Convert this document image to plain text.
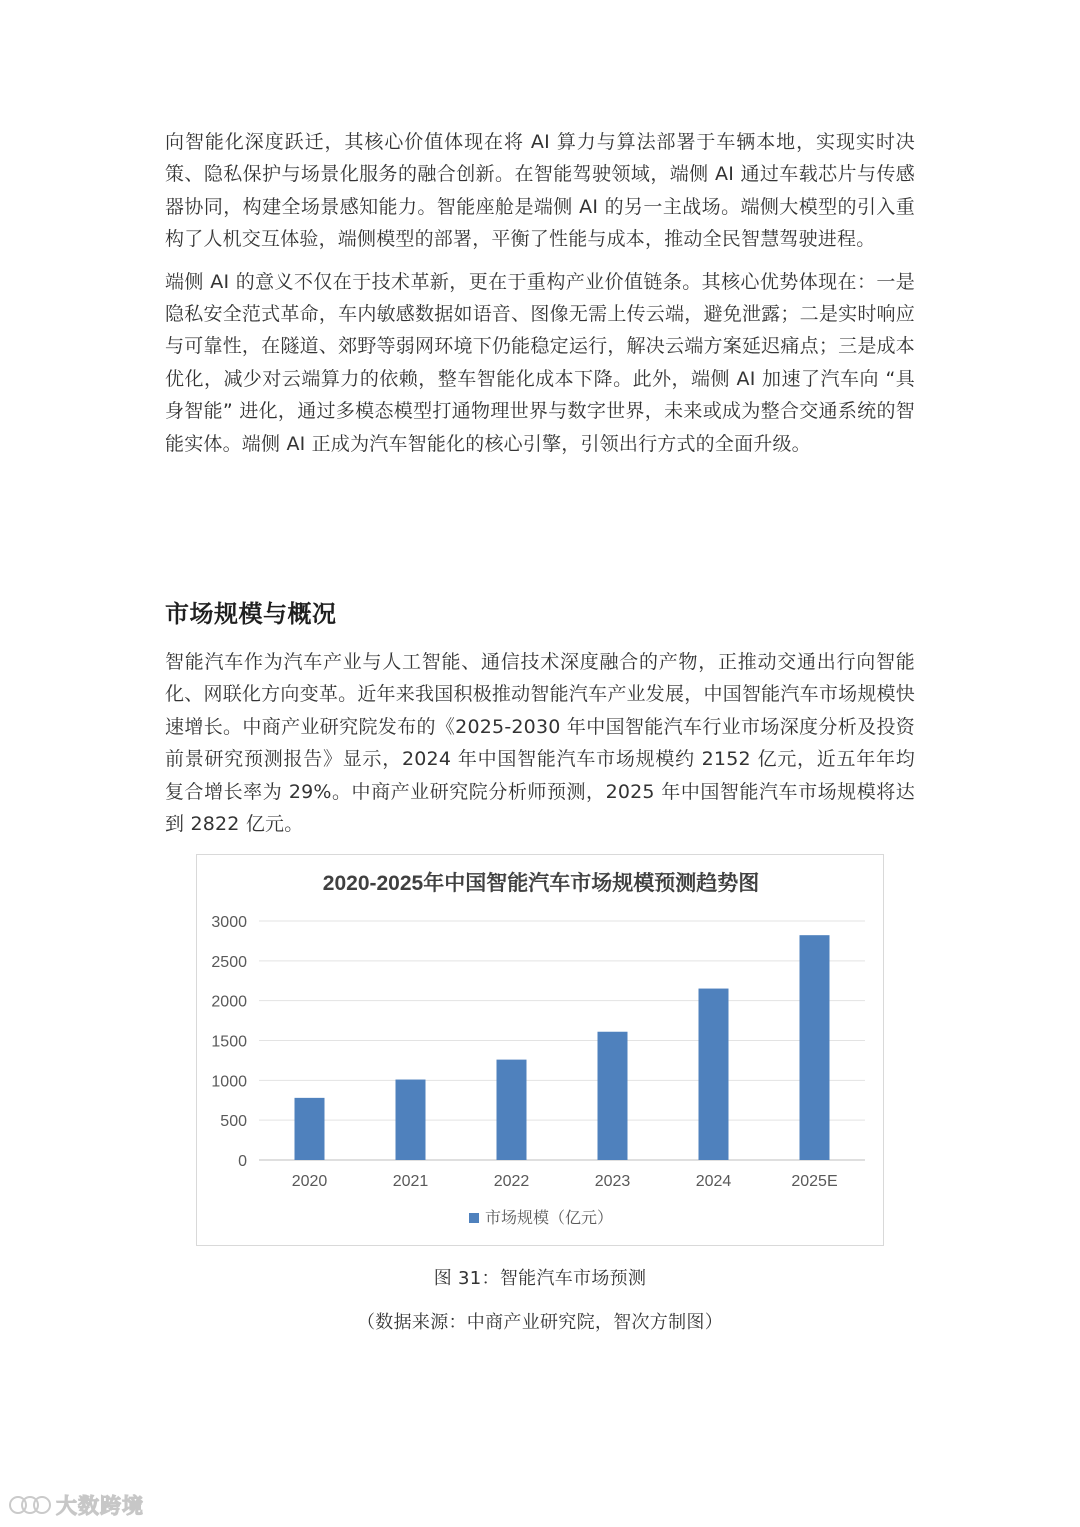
向智能化深度跃迁，其核心价值体现在将 AI 算力与算法部署于车辆本地，实现实时决策、隐私保护与场景化服务的融合创新。在智能驾驶领域，端侧 AI 通过车载芯片与传感器协同，构建全场景感知能力。智能座舱是端侧 AI 的另一主战场。端侧大模型的引入重构了人机交互体验，端侧模型的部署，平衡了性能与成本，推动全民智慧驾驶进程。

端侧 AI 的意义不仅在于技术革新，更在于重构产业价值链条。其核心优势体现在：一是隐私安全范式革命，车内敏感数据如语音、图像无需上传云端，避免泄露；二是实时响应与可靠性，在隧道、郊野等弱网环境下仍能稳定运行，解决云端方案延迟痛点；三是成本优化，减少对云端算力的依赖，整车智能化成本下降。此外，端侧 AI 加速了汽车向 “具身智能” 进化，通过多模态模型打通物理世界与数字世界，未来或成为整合交通系统的智能实体。端侧 AI 正成为汽车智能化的核心引擎，引领出行方式的全面升级。

市场规模与概况

智能汽车作为汽车产业与人工智能、通信技术深度融合的产物，正推动交通出行向智能化、网联化方向变革。近年来我国积极推动智能汽车产业发展，中国智能汽车市场规模快速增长。中商产业研究院发布的《2025-2030 年中国智能汽车行业市场深度分析及投资前景研究预测报告》显示，2024 年中国智能汽车市场规模约 2152 亿元，近五年年均复合增长率为 29%。中商产业研究院分析师预测，2025 年中国智能汽车市场规模将达到 2822 亿元。

2020-2025年中国智能汽车市场规模预测趋势图
0
500
1000
1500
2000
2500
3000
2020	2021	2022	2023	2024	2025E
市场规模（亿元）

图 31：智能汽车市场预测

（数据来源：中商产业研究院，智次方制图）

大数跨境
